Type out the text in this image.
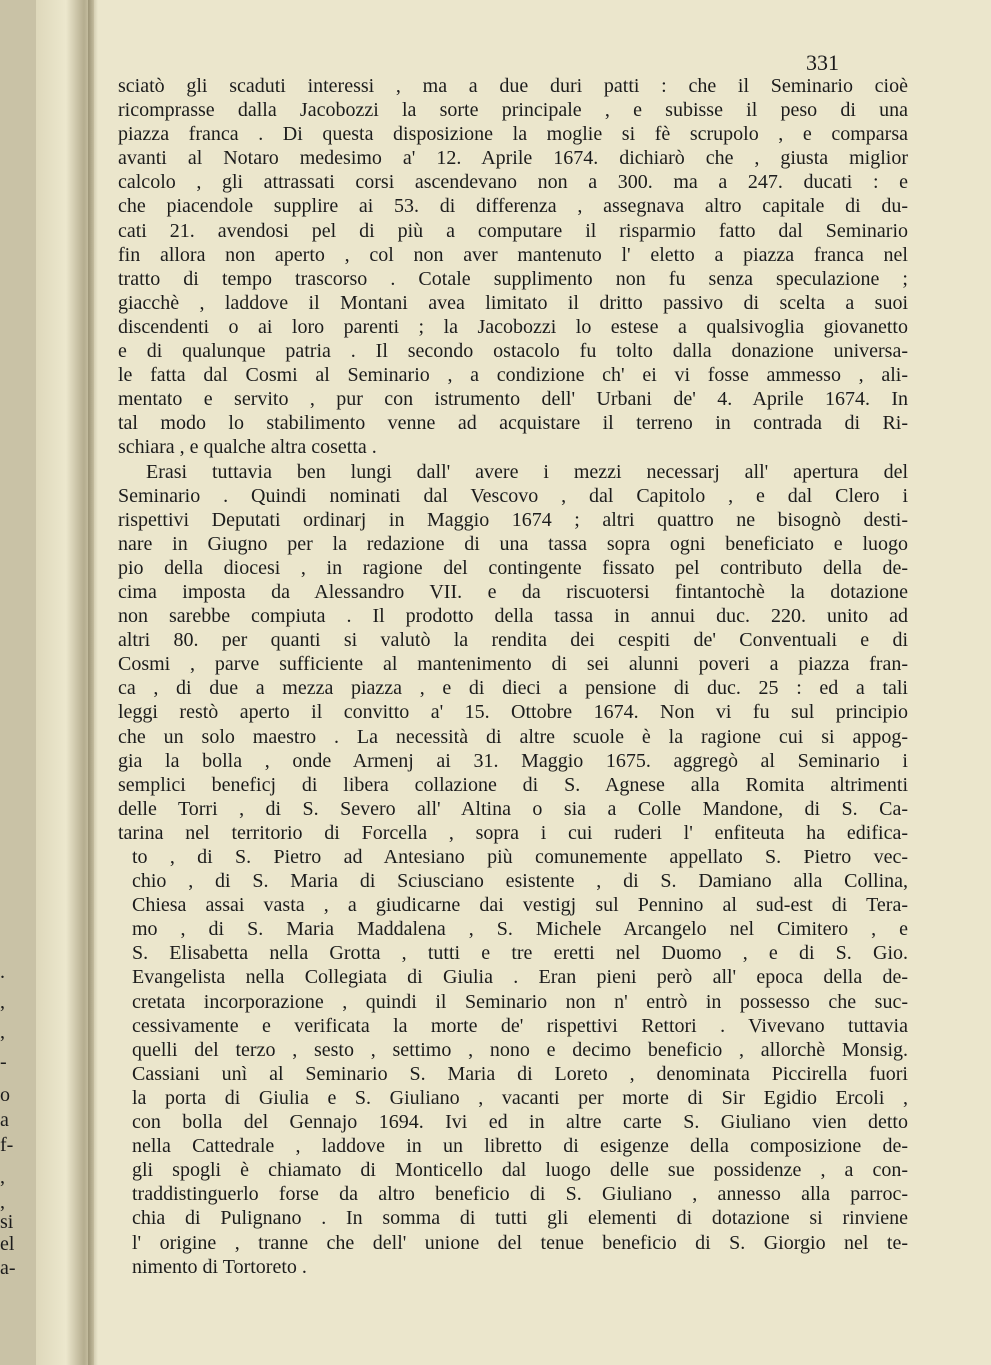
331
sciatò gli scaduti interessi , ma a due duri patti : che il Seminario cioè
ricomprasse dalla Jacobozzi la sorte principale , e subisse il peso di una
piazza franca . Di questa disposizione la moglie si fè scrupolo , e comparsa
avanti al Notaro medesimo a' 12. Aprile 1674. dichiarò che , giusta miglior
calcolo , gli attrassati corsi ascendevano non a 300. ma a 247. ducati : e
che piacendole supplire ai 53. di differenza , assegnava altro capitale di du-
cati 21. avendosi pel di più a computare il risparmio fatto dal Seminario
fin allora non aperto , col non aver mantenuto l' eletto a piazza franca nel
tratto di tempo trascorso . Cotale supplimento non fu senza speculazione ;
giacchè , laddove il Montani avea limitato il dritto passivo di scelta a suoi
discendenti o ai loro parenti ; la Jacobozzi lo estese a qualsivoglia giovanetto
e di qualunque patria . Il secondo ostacolo fu tolto dalla donazione universa-
le fatta dal Cosmi al Seminario , a condizione ch' ei vi fosse ammesso , ali-
mentato e servito , pur con istrumento dell' Urbani de' 4. Aprile 1674. In
tal modo lo stabilimento venne ad acquistare il terreno in contrada di Ri-
schiara , e qualche altra cosetta .
Erasi tuttavia ben lungi dall' avere i mezzi necessarj all' apertura del
Seminario . Quindi nominati dal Vescovo , dal Capitolo , e dal Clero i
rispettivi Deputati ordinarj in Maggio 1674 ; altri quattro ne bisognò desti-
nare in Giugno per la redazione di una tassa sopra ogni beneficiato e luogo
pio della diocesi , in ragione del contingente fissato pel contributo della de-
cima imposta da Alessandro VII. e da riscuotersi fintantochè la dotazione
non sarebbe compiuta . Il prodotto della tassa in annui duc. 220. unito ad
altri 80. per quanti si valutò la rendita dei cespiti de' Conventuali e di
Cosmi , parve sufficiente al mantenimento di sei alunni poveri a piazza fran-
ca , di due a mezza piazza , e di dieci a pensione di duc. 25 : ed a tali
leggi restò aperto il convitto a' 15. Ottobre 1674. Non vi fu sul principio
che un solo maestro . La necessità di altre scuole è la ragione cui si appog-
gia la bolla , onde Armenj ai 31. Maggio 1675. aggregò al Seminario i
semplici beneficj di libera collazione di S. Agnese alla Romita altrimenti
delle Torri , di S. Severo all' Altina o sia a Colle Mandone, di S. Ca-
tarina nel territorio di Forcella , sopra i cui ruderi l' enfiteuta ha edifica-
to , di S. Pietro ad Antesiano più comunemente appellato S. Pietro vec-
chio , di S. Maria di Sciusciano esistente , di S. Damiano alla Collina,
Chiesa assai vasta , a giudicarne dai vestigj sul Pennino al sud-est di Tera-
mo , di S. Maria Maddalena , S. Michele Arcangelo nel Cimitero , e
S. Elisabetta nella Grotta , tutti e tre eretti nel Duomo , e di S. Gio.
Evangelista nella Collegiata di Giulia . Eran pieni però all' epoca della de-
cretata incorporazione , quindi il Seminario non n' entrò in possesso che suc-
cessivamente e verificata la morte de' rispettivi Rettori . Vivevano tuttavia
quelli del terzo , sesto , settimo , nono e decimo beneficio , allorchè Monsig.
Cassiani unì al Seminario S. Maria di Loreto , denominata Piccirella fuori
la porta di Giulia e S. Giuliano , vacanti per morte di Sir Egidio Ercoli ,
con bolla del Gennajo 1694. Ivi ed in altre carte S. Giuliano vien detto
nella Cattedrale , laddove in un libretto di esigenze della composizione de-
gli spogli è chiamato di Monticello dal luogo delle sue possidenze , a con-
traddistinguerlo forse da altro beneficio di S. Giuliano , annesso alla parroc-
chia di Pulignano . In somma di tutti gli elementi di dotazione si rinviene
l' origine , tranne che dell' unione del tenue beneficio di S. Giorgio nel te-
nimento di Tortoreto .
.
,
,
-
o
a
f-
,
,
si
el
a-
